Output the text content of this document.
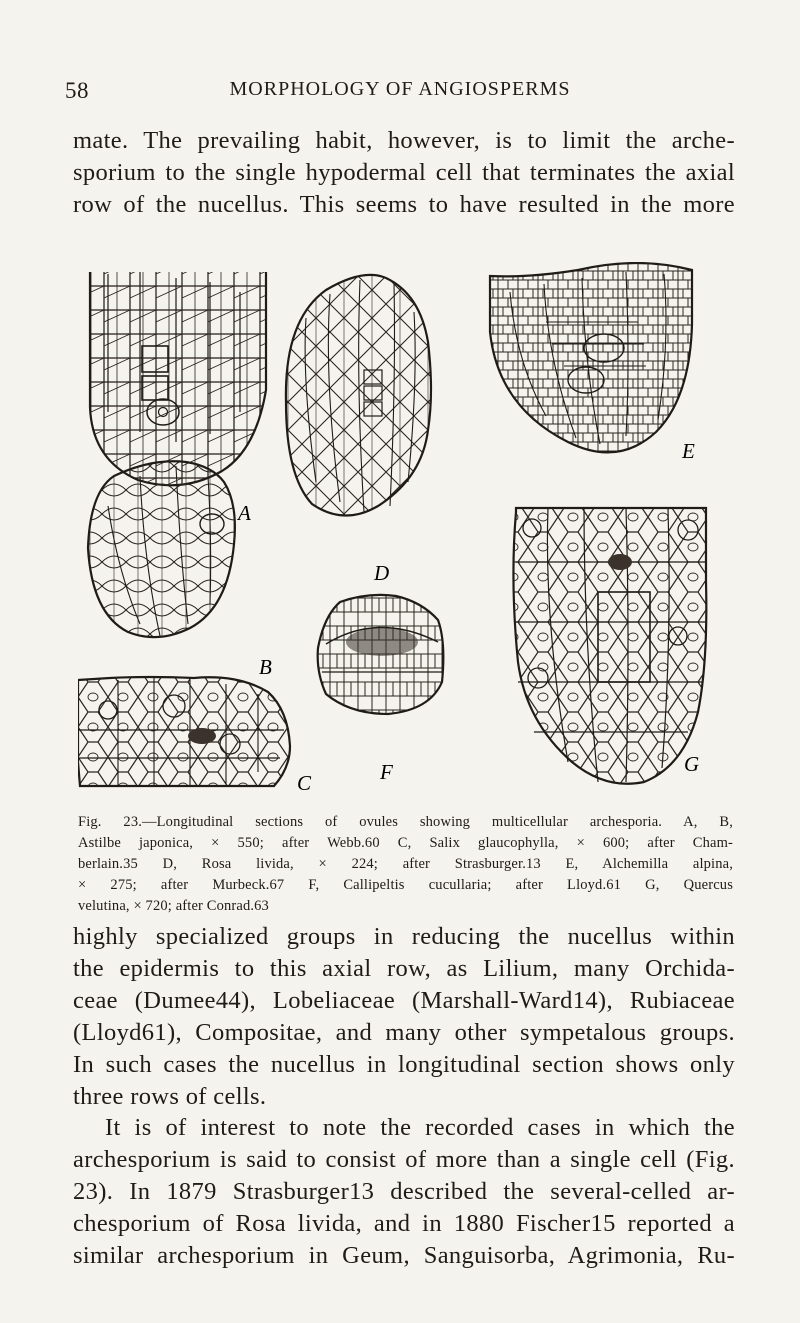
58	MORPHOLOGY OF ANGIOSPERMS
mate. The prevailing habit, however, is to limit the arche-
sporium to the single hypodermal cell that terminates the axial
row of the nucellus. This seems to have resulted in the more
A
B
C
D
E
F	G
Fig. 23.—Longitudinal sections of ovules showing multicellular archesporia. A, B,
Astilbe japonica, × 550; after Webb.60 C, Salix glaucophylla, × 600; after Cham-
berlain.35 D, Rosa livida, × 224; after Strasburger.13 E, Alchemilla alpina,
× 275; after Murbeck.67 F, Callipeltis cucullaria; after Lloyd.61 G, Quercus
velutina, × 720; after Conrad.63
highly specialized groups in reducing the nucellus within
the epidermis to this axial row, as Lilium, many Orchida-
ceae (Dumee44), Lobeliaceae (Marshall-Ward14), Rubiaceae
(Lloyd61), Compositae, and many other sympetalous groups.
In such cases the nucellus in longitudinal section shows only
three rows of cells.
It is of interest to note the recorded cases in which the
archesporium is said to consist of more than a single cell (Fig.
23). In 1879 Strasburger13 described the several-celled ar-
chesporium of Rosa livida, and in 1880 Fischer15 reported a
similar archesporium in Geum, Sanguisorba, Agrimonia, Ru-
